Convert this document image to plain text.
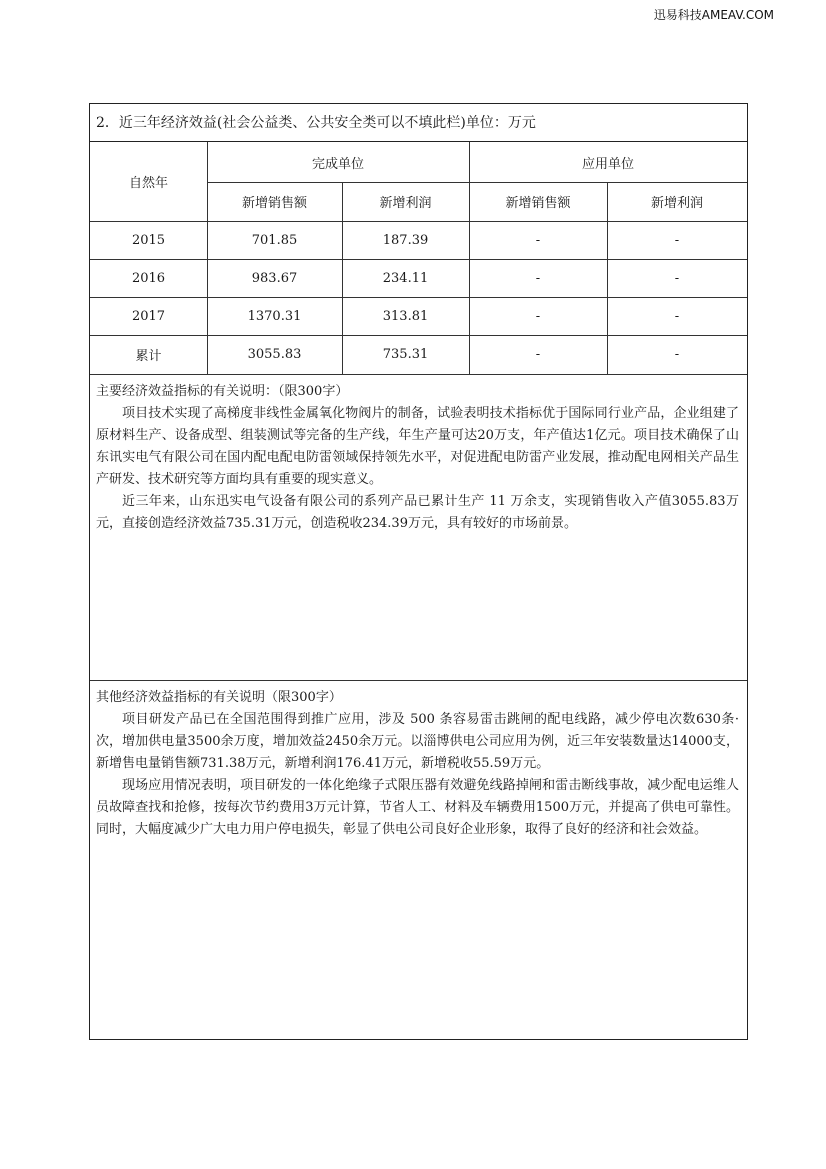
迅易科技AMEAV.COM
2．近三年经济效益(社会公益类、公共安全类可以不填此栏)单位：万元
自然年
完成单位	应用单位
新增销售额	新增利润	新增销售额	新增利润
2015	701.85	187.39	-	-
2016	983.67	234.11	-	-
2017	1370.31	313.81	-	-
累计	3055.83	735.31	-	-
主要经济效益指标的有关说明：（限300字）

项目技术实现了高梯度非线性金属氧化物阀片的制备，试验表明技术指标优于国际同行业产品，企业组建了原材料生产、设备成型、组装测试等完备的生产线，年生产量可达20万支，年产值达1亿元。项目技术确保了山东讯实电气有限公司在国内配电配电防雷领域保持领先水平，对促进配电防雷产业发展，推动配电网相关产品生产研发、技术研究等方面均具有重要的现实意义。

近三年来，山东迅实电气设备有限公司的系列产品已累计生产 11 万余支，实现销售收入产值3055.83万元，直接创造经济效益735.31万元，创造税收234.39万元，具有较好的市场前景。

其他经济效益指标的有关说明（限300字）

项目研发产品已在全国范围得到推广应用，涉及 500 条容易雷击跳闸的配电线路，减少停电次数630条·次，增加供电量3500余万度，增加效益2450余万元。以淄博供电公司应用为例，近三年安装数量达14000支，新增售电量销售额731.38万元，新增利润176.41万元，新增税收55.59万元。

现场应用情况表明，项目研发的一体化绝缘子式限压器有效避免线路掉闸和雷击断线事故，减少配电运维人员故障查找和抢修，按每次节约费用3万元计算，节省人工、材料及车辆费用1500万元，并提高了供电可靠性。同时，大幅度减少广大电力用户停电损失，彰显了供电公司良好企业形象，取得了良好的经济和社会效益。
